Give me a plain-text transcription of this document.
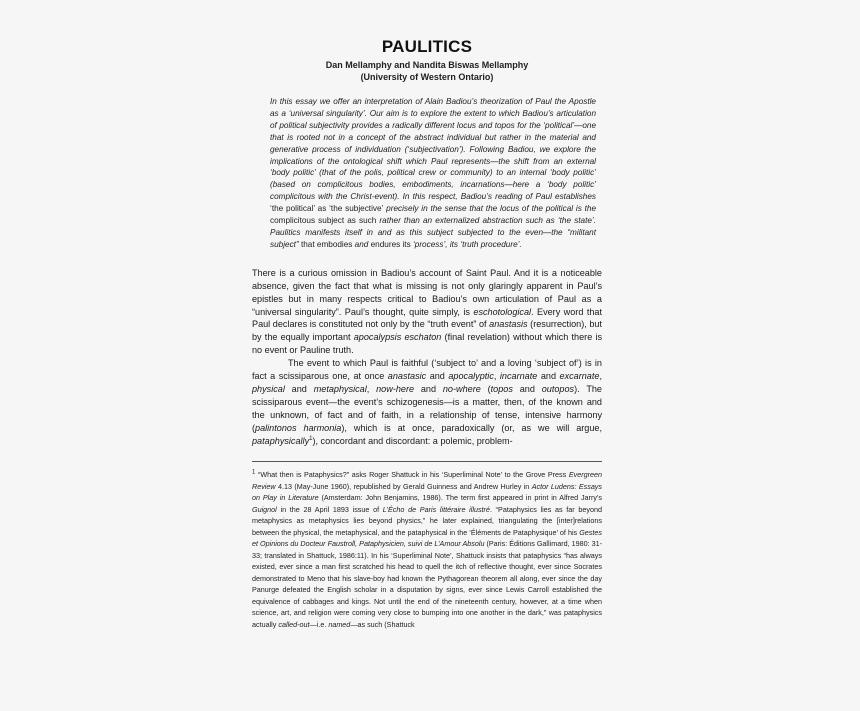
PAULITICS
Dan Mellamphy and Nandita Biswas Mellamphy
(University of Western Ontario)

In this essay we offer an interpretation of Alain Badiou’s theorization of Paul the Apostle as a ‘universal singularity’. Our aim is to explore the extent to which Badiou’s articulation of political subjectivity provides a radically different locus and topos for the ‘political’—one that is rooted not in a concept of the abstract individual but rather in the material and generative process of individuation (‘subjectivation’). Following Badiou, we explore the implications of the ontological shift which Paul represents—the shift from an external ‘body politic’ (that of the polis, political crew or community) to an internal ‘body politic’ (based on complicitous bodies, embodiments, incarnations—here a ‘body politic’ complicitous with the Christ-event). In this respect, Badiou’s reading of Paul establishes ‘the political’ as ‘the subjective’ precisely in the sense that the locus of the political is the complicitous subject as such rather than an externalized abstraction such as ‘the state’. Paulitics manifests itself in and as this subject subjected to the even—the “militant subject” that embodies and endures its ‘process’, its ‘truth procedure’.

There is a curious omission in Badiou’s account of Saint Paul. And it is a noticeable absence, given the fact that what is missing is not only glaringly apparent in Paul’s epistles but in many respects critical to Badiou’s own articulation of Paul as a “universal singularity”. Paul’s thought, quite simply, is eschotological. Every word that Paul declares is constituted not only by the “truth event” of anastasis (resurrection), but by the equally important apocalypsis eschaton (final revelation) without which there is no event or Pauline truth.

The event to which Paul is faithful (‘subject to’ and a loving ‘subject of’) is in fact a scissiparous one, at once anastasic and apocalyptic, incarnate and excarnate, physical and metaphysical, now-here and no-where (topos and outopos). The scissiparous event—the event’s schizogenesis—is a matter, then, of the known and the unknown, of fact and of faith, in a relationship of tense, intensive harmony (palintonos harmonia), which is at once, paradoxically (or, as we will argue, pataphysically$^1$), concordant and discordant: a polemic, problem-

$^1$ “What then is Pataphysics?” asks Roger Shattuck in his ‘Superliminal Note’ to the Grove Press Evergreen Review 4.13 (May-June 1960), republished by Gerald Guinness and Andrew Hurley in Actor Ludens: Essays on Play in Literature (Amsterdam: John Benjamins, 1986). The term first appeared in print in Alfred Jarry’s Guignol in the 28 April 1893 issue of L’Écho de Paris littéraire illustré. “Pataphysics lies as far beyond metaphysics as metaphysics lies beyond physics,” he later explained, triangulating the [inter]relations between the physical, the metaphysical, and the pataphysical in the ‘Éléments de Pataphysique’ of his Gestes et Opinions du Docteur Faustroll, Pataphysicien, suivi de L’Amour Absolu (Paris: Éditions Gallimard, 1980: 31-33; translated in Shattuck, 1986:11). In his ‘Superliminal Note’, Shattuck insists that pataphysics “has always existed, ever since a man first scratched his head to quell the itch of reflective thought, ever since Socrates demonstrated to Meno that his slave-boy had known the Pythagorean theorem all along, ever since the day Panurge defeated the English scholar in a disputation by signs, ever since Lewis Carroll established the equivalence of cabbages and kings. Not until the end of the nineteenth century, however, at a time when science, art, and religion were coming very close to bumping into one another in the dark,” was pataphysics actually called-out—i.e. named—as such (Shattuck
